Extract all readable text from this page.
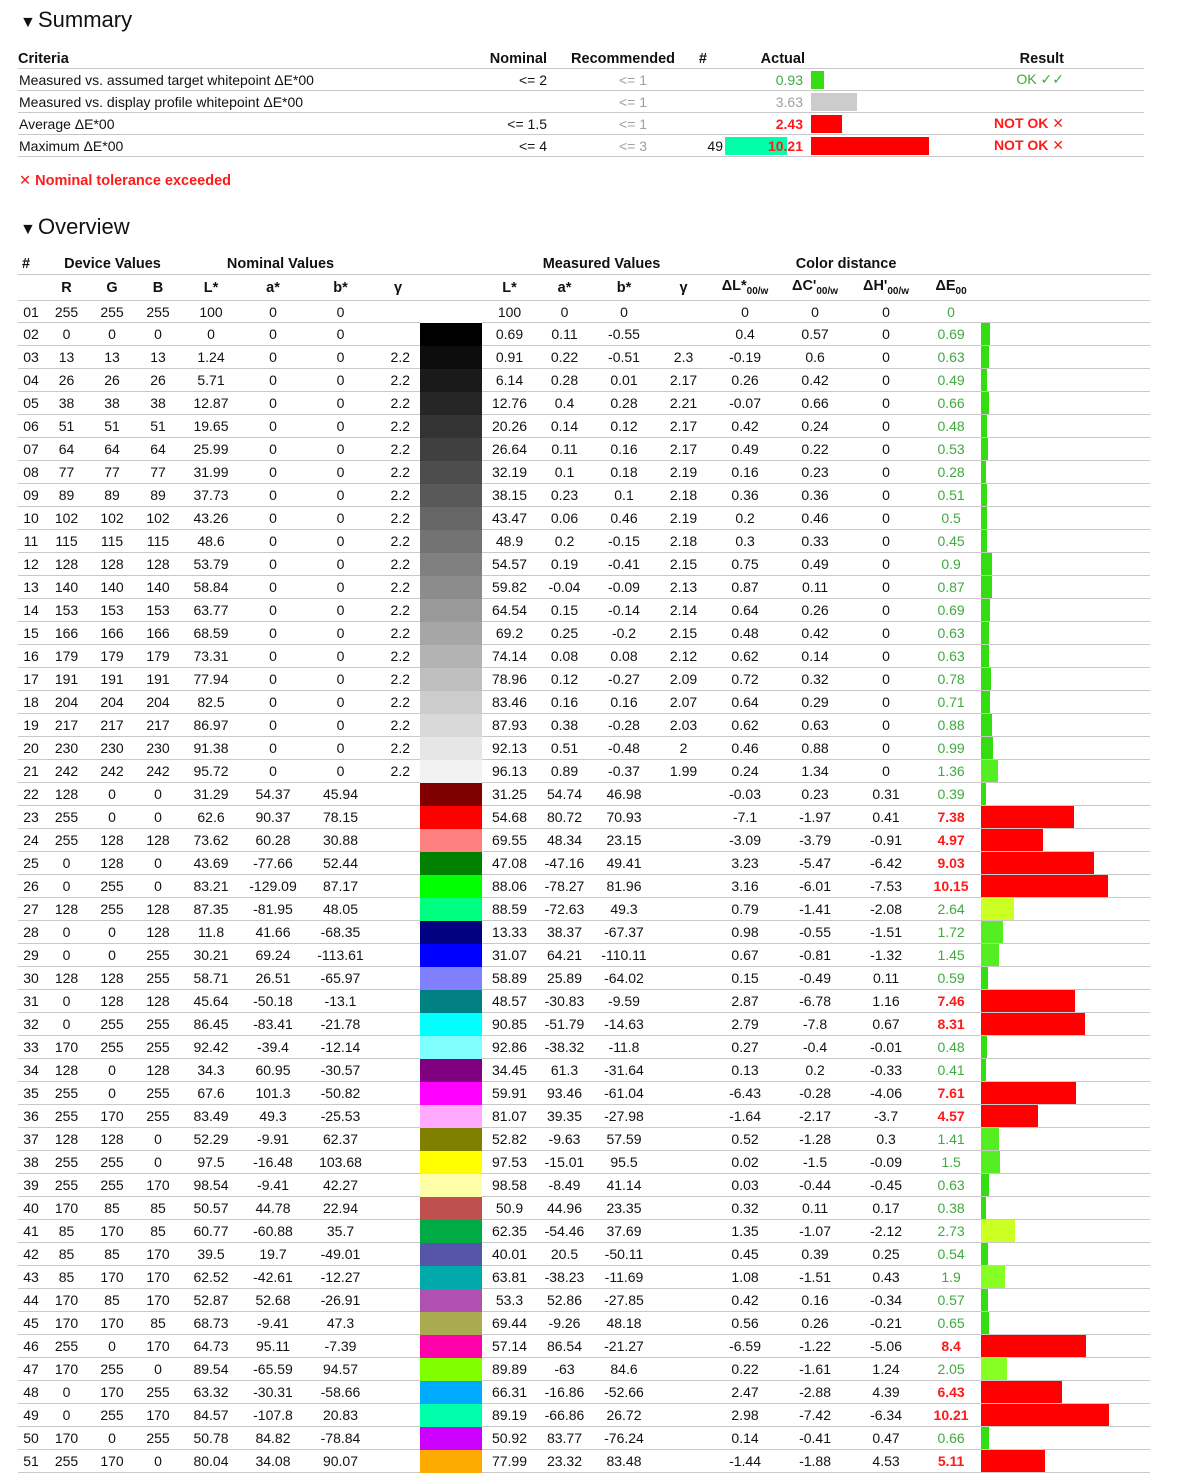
▼Summary
Criteria	Nominal	Recommended	#	Actual		Result	
Measured vs. assumed target whitepoint ΔE*00	<= 2	<= 1		0.93		OK ✓✓	
Measured vs. display profile whitepoint ΔE*00		<= 1		3.63			
Average ΔE*00	<= 1.5	<= 1		2.43		NOT OK ✕	
Maximum ΔE*00	<= 4	<= 3	49	10.21		NOT OK ✕	
✕ Nominal tolerance exceeded
▼Overview
#	Device Values			Nominal Values					Measured Values				Color distance				
	R	G	B	L*	a*	b*	γ		L*	a*	b*	γ	$\Delta L*_{00/w}$	$\Delta C'_{00/w}$	$\Delta H'_{00/w}$	$\Delta E_{00}$	
01	255	255	255	100	0	0			100	0	0		0	0	0	0	
02	0	0	0	0	0	0			0.69	0.11	-0.55		0.4	0.57	0	0.69	

03	13	13	13	1.24	0	0	2.2		0.91	0.22	-0.51	2.3	-0.19	0.6	0	0.63	

04	26	26	26	5.71	0	0	2.2		6.14	0.28	0.01	2.17	0.26	0.42	0	0.49	

05	38	38	38	12.87	0	0	2.2		12.76	0.4	0.28	2.21	-0.07	0.66	0	0.66	

06	51	51	51	19.65	0	0	2.2		20.26	0.14	0.12	2.17	0.42	0.24	0	0.48	

07	64	64	64	25.99	0	0	2.2		26.64	0.11	0.16	2.17	0.49	0.22	0	0.53	

08	77	77	77	31.99	0	0	2.2		32.19	0.1	0.18	2.19	0.16	0.23	0	0.28	

09	89	89	89	37.73	0	0	2.2		38.15	0.23	0.1	2.18	0.36	0.36	0	0.51	

10	102	102	102	43.26	0	0	2.2		43.47	0.06	0.46	2.19	0.2	0.46	0	0.5	

11	115	115	115	48.6	0	0	2.2		48.9	0.2	-0.15	2.18	0.3	0.33	0	0.45	

12	128	128	128	53.79	0	0	2.2		54.57	0.19	-0.41	2.15	0.75	0.49	0	0.9	

13	140	140	140	58.84	0	0	2.2		59.82	-0.04	-0.09	2.13	0.87	0.11	0	0.87	

14	153	153	153	63.77	0	0	2.2		64.54	0.15	-0.14	2.14	0.64	0.26	0	0.69	

15	166	166	166	68.59	0	0	2.2		69.2	0.25	-0.2	2.15	0.48	0.42	0	0.63	

16	179	179	179	73.31	0	0	2.2		74.14	0.08	0.08	2.12	0.62	0.14	0	0.63	

17	191	191	191	77.94	0	0	2.2		78.96	0.12	-0.27	2.09	0.72	0.32	0	0.78	

18	204	204	204	82.5	0	0	2.2		83.46	0.16	0.16	2.07	0.64	0.29	0	0.71	

19	217	217	217	86.97	0	0	2.2		87.93	0.38	-0.28	2.03	0.62	0.63	0	0.88	

20	230	230	230	91.38	0	0	2.2		92.13	0.51	-0.48	2	0.46	0.88	0	0.99	

21	242	242	242	95.72	0	0	2.2		96.13	0.89	-0.37	1.99	0.24	1.34	0	1.36	

22	128	0	0	31.29	54.37	45.94			31.25	54.74	46.98		-0.03	0.23	0.31	0.39	

23	255	0	0	62.6	90.37	78.15			54.68	80.72	70.93		-7.1	-1.97	0.41	7.38	

24	255	128	128	73.62	60.28	30.88			69.55	48.34	23.15		-3.09	-3.79	-0.91	4.97	

25	0	128	0	43.69	-77.66	52.44			47.08	-47.16	49.41		3.23	-5.47	-6.42	9.03	

26	0	255	0	83.21	-129.09	87.17			88.06	-78.27	81.96		3.16	-6.01	-7.53	10.15	

27	128	255	128	87.35	-81.95	48.05			88.59	-72.63	49.3		0.79	-1.41	-2.08	2.64	

28	0	0	128	11.8	41.66	-68.35			13.33	38.37	-67.37		0.98	-0.55	-1.51	1.72	

29	0	0	255	30.21	69.24	-113.61			31.07	64.21	-110.11		0.67	-0.81	-1.32	1.45	

30	128	128	255	58.71	26.51	-65.97			58.89	25.89	-64.02		0.15	-0.49	0.11	0.59	

31	0	128	128	45.64	-50.18	-13.1			48.57	-30.83	-9.59		2.87	-6.78	1.16	7.46	

32	0	255	255	86.45	-83.41	-21.78			90.85	-51.79	-14.63		2.79	-7.8	0.67	8.31	

33	170	255	255	92.42	-39.4	-12.14			92.86	-38.32	-11.8		0.27	-0.4	-0.01	0.48	

34	128	0	128	34.3	60.95	-30.57			34.45	61.3	-31.64		0.13	0.2	-0.33	0.41	

35	255	0	255	67.6	101.3	-50.82			59.91	93.46	-61.04		-6.43	-0.28	-4.06	7.61	

36	255	170	255	83.49	49.3	-25.53			81.07	39.35	-27.98		-1.64	-2.17	-3.7	4.57	

37	128	128	0	52.29	-9.91	62.37			52.82	-9.63	57.59		0.52	-1.28	0.3	1.41	

38	255	255	0	97.5	-16.48	103.68			97.53	-15.01	95.5		0.02	-1.5	-0.09	1.5	

39	255	255	170	98.54	-9.41	42.27			98.58	-8.49	41.14		0.03	-0.44	-0.45	0.63	

40	170	85	85	50.57	44.78	22.94			50.9	44.96	23.35		0.32	0.11	0.17	0.38	

41	85	170	85	60.77	-60.88	35.7			62.35	-54.46	37.69		1.35	-1.07	-2.12	2.73	

42	85	85	170	39.5	19.7	-49.01			40.01	20.5	-50.11		0.45	0.39	0.25	0.54	

43	85	170	170	62.52	-42.61	-12.27			63.81	-38.23	-11.69		1.08	-1.51	0.43	1.9	

44	170	85	170	52.87	52.68	-26.91			53.3	52.86	-27.85		0.42	0.16	-0.34	0.57	

45	170	170	85	68.73	-9.41	47.3			69.44	-9.26	48.18		0.56	0.26	-0.21	0.65	

46	255	0	170	64.73	95.11	-7.39			57.14	86.54	-21.27		-6.59	-1.22	-5.06	8.4	

47	170	255	0	89.54	-65.59	94.57			89.89	-63	84.6		0.22	-1.61	1.24	2.05	

48	0	170	255	63.32	-30.31	-58.66			66.31	-16.86	-52.66		2.47	-2.88	4.39	6.43	

49	0	255	170	84.57	-107.8	20.83			89.19	-66.86	26.72		2.98	-7.42	-6.34	10.21	

50	170	0	255	50.78	84.82	-78.84			50.92	83.77	-76.24		0.14	-0.41	0.47	0.66	

51	255	170	0	80.04	34.08	90.07			77.99	23.32	83.48		-1.44	-1.88	4.53	5.11	
